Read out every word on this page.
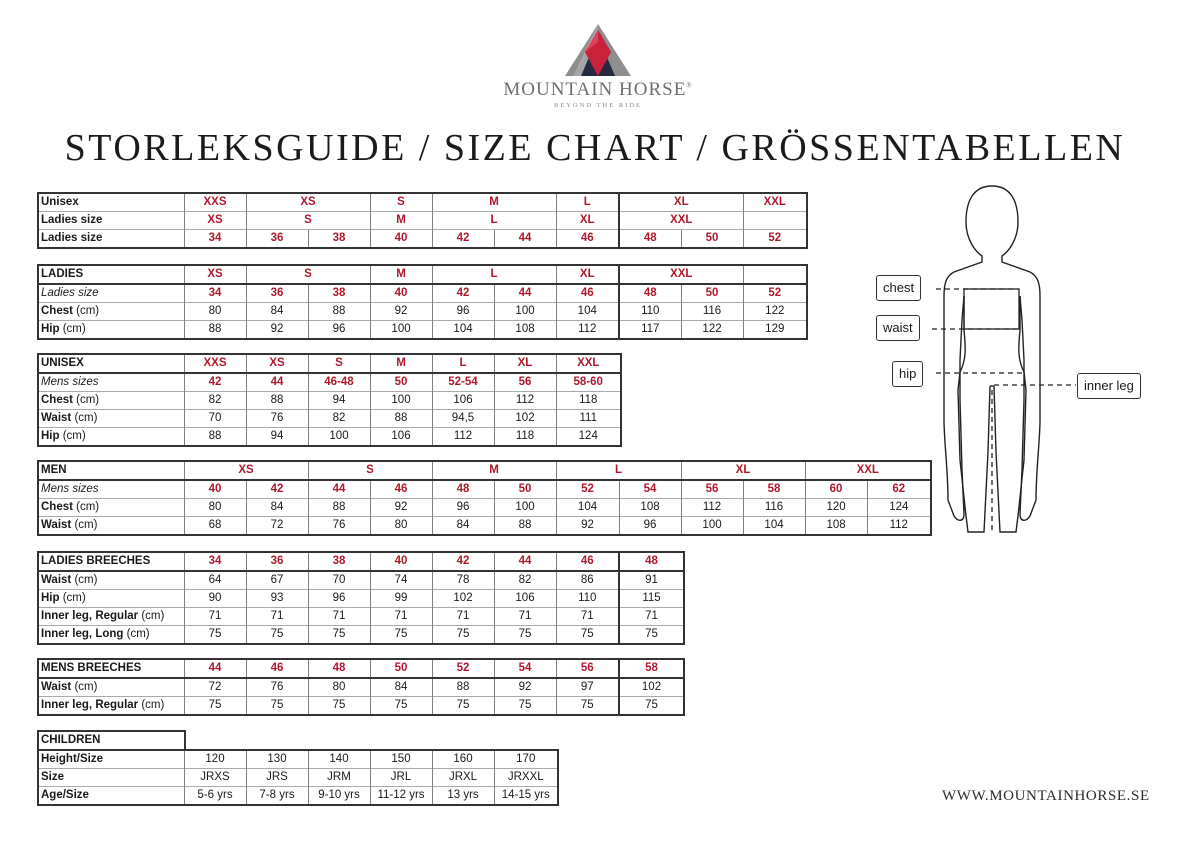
MOUNTAIN HORSE®
BEYOND THE RIDE
STORLEKSGUIDE / SIZE CHART / GRÖSSENTABELLEN
Unisex	XXS	XS		S	M		L	XL		XXL
Ladies size	XS	S		M	L		XL	XXL		
Ladies size	34	36	38	40	42	44	46	48	50	52
LADIES	XS	S		M	L		XL	XXL		
Ladies size	34	36	38	40	42	44	46	48	50	52
Chest (cm)	80	84	88	92	96	100	104	110	116	122
Hip (cm)	88	92	96	100	104	108	112	117	122	129
UNISEX	XXS	XS	S	M	L	XL	XXL
Mens sizes	42	44	46-48	50	52-54	56	58-60
Chest (cm)	82	88	94	100	106	112	118
Waist (cm)	70	76	82	88	94,5	102	111
Hip (cm)	88	94	100	106	112	118	124
MEN	XS		S		M		L		XL		XXL	
Mens sizes	40	42	44	46	48	50	52	54	56	58	60	62
Chest (cm)	80	84	88	92	96	100	104	108	112	116	120	124
Waist (cm)	68	72	76	80	84	88	92	96	100	104	108	112
LADIES BREECHES	34	36	38	40	42	44	46	48
Waist (cm)	64	67	70	74	78	82	86	91
Hip (cm)	90	93	96	99	102	106	110	115
Inner leg, Regular (cm)	71	71	71	71	71	71	71	71
Inner leg, Long (cm)	75	75	75	75	75	75	75	75
MENS BREECHES	44	46	48	50	52	54	56	58
Waist (cm)	72	76	80	84	88	92	97	102
Inner leg, Regular (cm)	75	75	75	75	75	75	75	75
CHILDREN
Height/Size	120	130	140	150	160	170
Size	JRXS	JRS	JRM	JRL	JRXL	JRXXL
Age/Size	5-6 yrs	7-8 yrs	9-10 yrs	11-12 yrs	13 yrs	14-15 yrs
chest
waist
hip
inner leg
WWW.MOUNTAINHORSE.SE
